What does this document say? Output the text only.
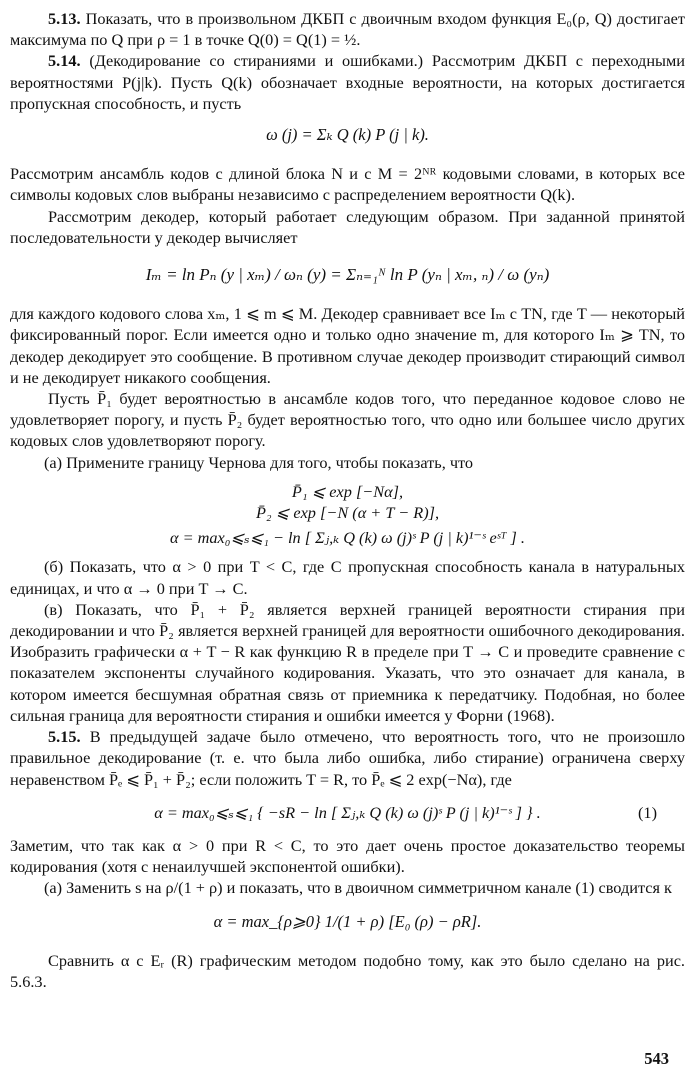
5.13. Показать, что в произвольном ДКБП с двоичным входом функция E₀(ρ, Q) достигает максимума по Q при ρ = 1 в точке Q(0) = Q(1) = ½.

5.14. (Декодирование со стираниями и ошибками.) Рассмотрим ДКБП с переходными вероятностями P(j|k). Пусть Q(k) обозначает входные вероятности, на которых достигается пропускная способность, и пусть

ω (j) = Σₖ Q (k) P (j | k).

Рассмотрим ансамбль кодов с длиной блока N и с M = 2ᴺᴿ кодовыми словами, в которых все символы кодовых слов выбраны независимо с распределением вероятности Q(k).

Рассмотрим декодер, который работает следующим образом. При заданной принятой последовательности у декодер вычисляет

Iₘ = ln Pₙ (y | xₘ) / ωₙ (y) = Σₙ₌₁ᴺ ln P (yₙ | xₘ, ₙ) / ω (yₙ)

для каждого кодового слова xₘ, 1 ⩽ m ⩽ M. Декодер сравнивает все Iₘ с TN, где T — некоторый фиксированный порог. Если имеется одно и только одно значение m, для которого Iₘ ⩾ TN, то декодер декодирует это сообщение. В противном случае декодер производит стирающий символ и не декодирует никакого сообщения.

Пусть P̄₁ будет вероятностью в ансамбле кодов того, что переданное кодовое слово не удовлетворяет порогу, и пусть P̄₂ будет вероятностью того, что одно или большее число других кодовых слов удовлетворяют порогу.

(а) Примените границу Чернова для того, чтобы показать, что

P̄₁ ⩽ exp [−Nα],

P̄₂ ⩽ exp [−N (α + T − R)],

α = max₀⩽ₛ⩽₁ − ln [ Σⱼ,ₖ Q (k) ω (j)ˢ P (j | k)¹⁻ˢ eˢᵀ ] .

(б) Показать, что α > 0 при T < C, где C пропускная способность канала в натуральных единицах, и что α → 0 при T → C.

(в) Показать, что P̄₁ + P̄₂ является верхней границей вероятности стирания при декодировании и что P̄₂ является верхней границей для вероятности ошибочного декодирования. Изобразить графически α + T − R как функцию R в пределе при T → C и проведите сравнение с показателем экспоненты случайного кодирования. Указать, что это означает для канала, в котором имеется бесшумная обратная связь от приемника к передатчику. Подобная, но более сильная граница для вероятности стирания и ошибки имеется у Форни (1968).

5.15. В предыдущей задаче было отмечено, что вероятность того, что не произошло правильное декодирование (т. е. что была либо ошибка, либо стирание) ограничена сверху неравенством P̄ₑ ⩽ P̄₁ + P̄₂; если положить T = R, то P̄ₑ ⩽ 2 exp(−Nα), где

α = max₀⩽ₛ⩽₁ { −sR − ln [ Σⱼ,ₖ Q (k) ω (j)ˢ P (j | k)¹⁻ˢ ] } .	(1)

Заметим, что так как α > 0 при R < C, то это дает очень простое доказательство теоремы кодирования (хотя с ненаилучшей экспонентой ошибки).

(а) Заменить s на ρ/(1 + ρ) и показать, что в двоичном симметричном канале (1) сводится к

α = max_{ρ⩾0} 1/(1 + ρ) [E₀ (ρ) − ρR].

Сравнить α с Eᵣ (R) графическим методом подобно тому, как это было сделано на рис. 5.6.3.

543
